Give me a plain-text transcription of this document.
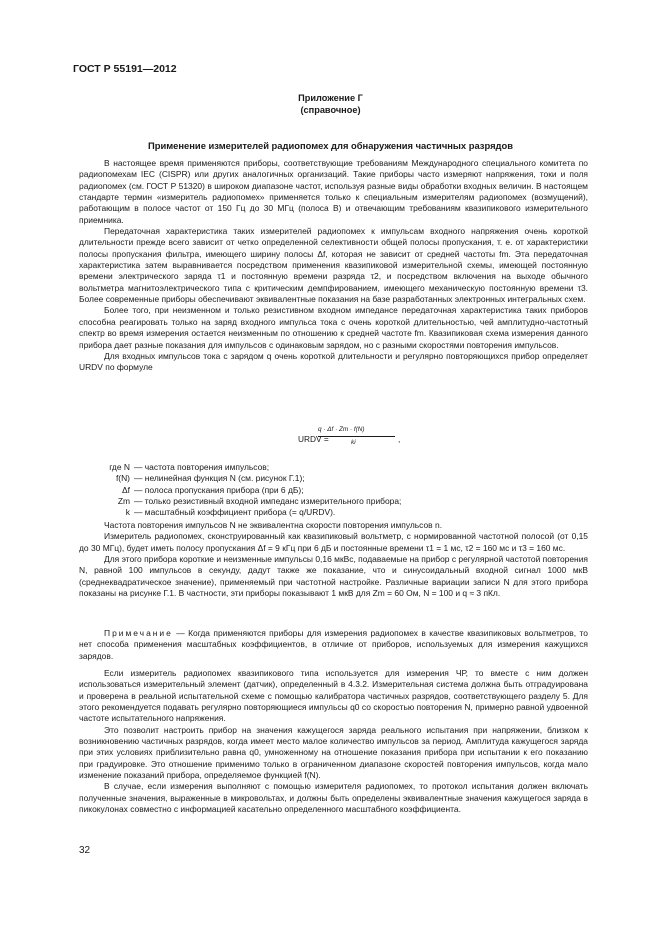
ГОСТ Р 55191—2012
Приложение Г
(справочное)
Применение измерителей радиопомех для обнаружения частичных разрядов

В настоящее время применяются приборы, соответствующие требованиям Международного специального комитета по радиопомехам IEC (CISPR) или других аналогичных организаций. Такие приборы часто измеряют напряжения, токи и поля радиопомех (см. ГОСТ Р 51320) в широком диапазоне частот, используя разные виды обработки входных величин. В настоящем стандарте термин «измеритель радиопомех» применяется только к специальным измерителям радиопомех (возмущений), работающим в полосе частот от 150 Гц до 30 МГц (полоса В) и отвечающим требованиям квазипикового измерительного приемника.

Передаточная характеристика таких измерителей радиопомех к импульсам входного напряжения очень короткой длительности прежде всего зависит от четко определенной селективности общей полосы пропускания, т. е. от характеристики полосы пропускания фильтра, имеющего ширину полосы Δf, которая не зависит от средней частоты fm. Эта передаточная характеристика затем выравнивается посредством применения квазипиковой измерительной схемы, имеющей постоянную времени электрического заряда τ1 и постоянную времени разряда τ2, и посредством включения на выходе обычного вольтметра магнитоэлектрического типа с критическим демпфированием, имеющего механическую постоянную времени τ3. Более современные приборы обеспечивают эквивалентные показания на базе разработанных электронных интегральных схем.

Более того, при неизменном и только резистивном входном импедансе передаточная характеристика таких приборов способна реагировать только на заряд входного импульса тока с очень короткой длительностью, чей амплитудно-частотный спектр во время измерения остается неизменным по отношению к средней частоте fm. Квазипиковая схема измерения данного прибора дает разные показания для импульсов с одинаковым зарядом, но с разными скоростями повторения импульсов.

Для входных импульсов тока с зарядом q очень короткой длительности и регулярно повторяющихся прибор определяет URDV по формуле

URDV =
q · Δf · Zm · f(N)
ki	,
где N — частота повторения импульсов;
f(N) — нелинейная функция N (см. рисунок Г.1);
Δf — полоса пропускания прибора (при 6 дБ);
Zm — только резистивный входной импеданс измерительного прибора;
k — масштабный коэффициент прибора (= q/URDV).

Частота повторения импульсов N не эквивалентна скорости повторения импульсов n.

Измеритель радиопомех, сконструированный как квазипиковый вольтметр, с нормированной частотной полосой (от 0,15 до 30 МГц), будет иметь полосу пропускания Δf = 9 кГц при 6 дБ и постоянные времени τ1 = 1 мс, τ2 = 160 мс и τ3 = 160 мс.

Для этого прибора короткие и неизменные импульсы 0,16 мкВс, подаваемые на прибор с регулярной частотой повторения N, равной 100 импульсов в секунду, дадут также же показание, что и синусоидальный входной сигнал 1000 мкВ (среднеквадратическое значение), применяемый при частотной настройке. Различные вариации записи N для этого прибора показаны на рисунке Г.1. В частности, эти приборы показывают 1 мкВ для Zm = 60 Ом, N = 100 и q ≈ 3 пКл.

Примечание — Когда применяются приборы для измерения радиопомех в качестве квазипиковых вольтметров, то нет способа применения масштабных коэффициентов, в отличие от приборов, используемых для измерения кажущихся зарядов.

Если измеритель радиопомех квазипикового типа используется для измерения ЧР, то вместе с ним должен использоваться измерительный элемент (датчик), определенный в 4.3.2. Измерительная система должна быть отградуирована и проверена в реальной испытательной схеме с помощью калибратора частичных разрядов, соответствующего разделу 5. Для этого рекомендуется подавать регулярно повторяющиеся импульсы q0 со скоростью повторения N, примерно равной удвоенной частоте испытательного напряжения.

Это позволит настроить прибор на значения кажущегося заряда реального испытания при напряжении, близком к возникновению частичных разрядов, когда имеет место малое количество импульсов за период. Амплитуда кажущегося заряда при этих условиях приблизительно равна q0, умноженному на отношение показания прибора при испытании к его показанию при градуировке. Это отношение применимо только в ограниченном диапазоне скоростей повторения импульсов, когда мало изменение показаний прибора, определяемое функцией f(N).

В случае, если измерения выполняют с помощью измерителя радиопомех, то протокол испытания должен включать полученные значения, выраженные в микровольтах, и должны быть определены эквивалентные значения кажущегося заряда в пикокулонах совместно с информацией касательно определенного масштабного коэффициента.

32
